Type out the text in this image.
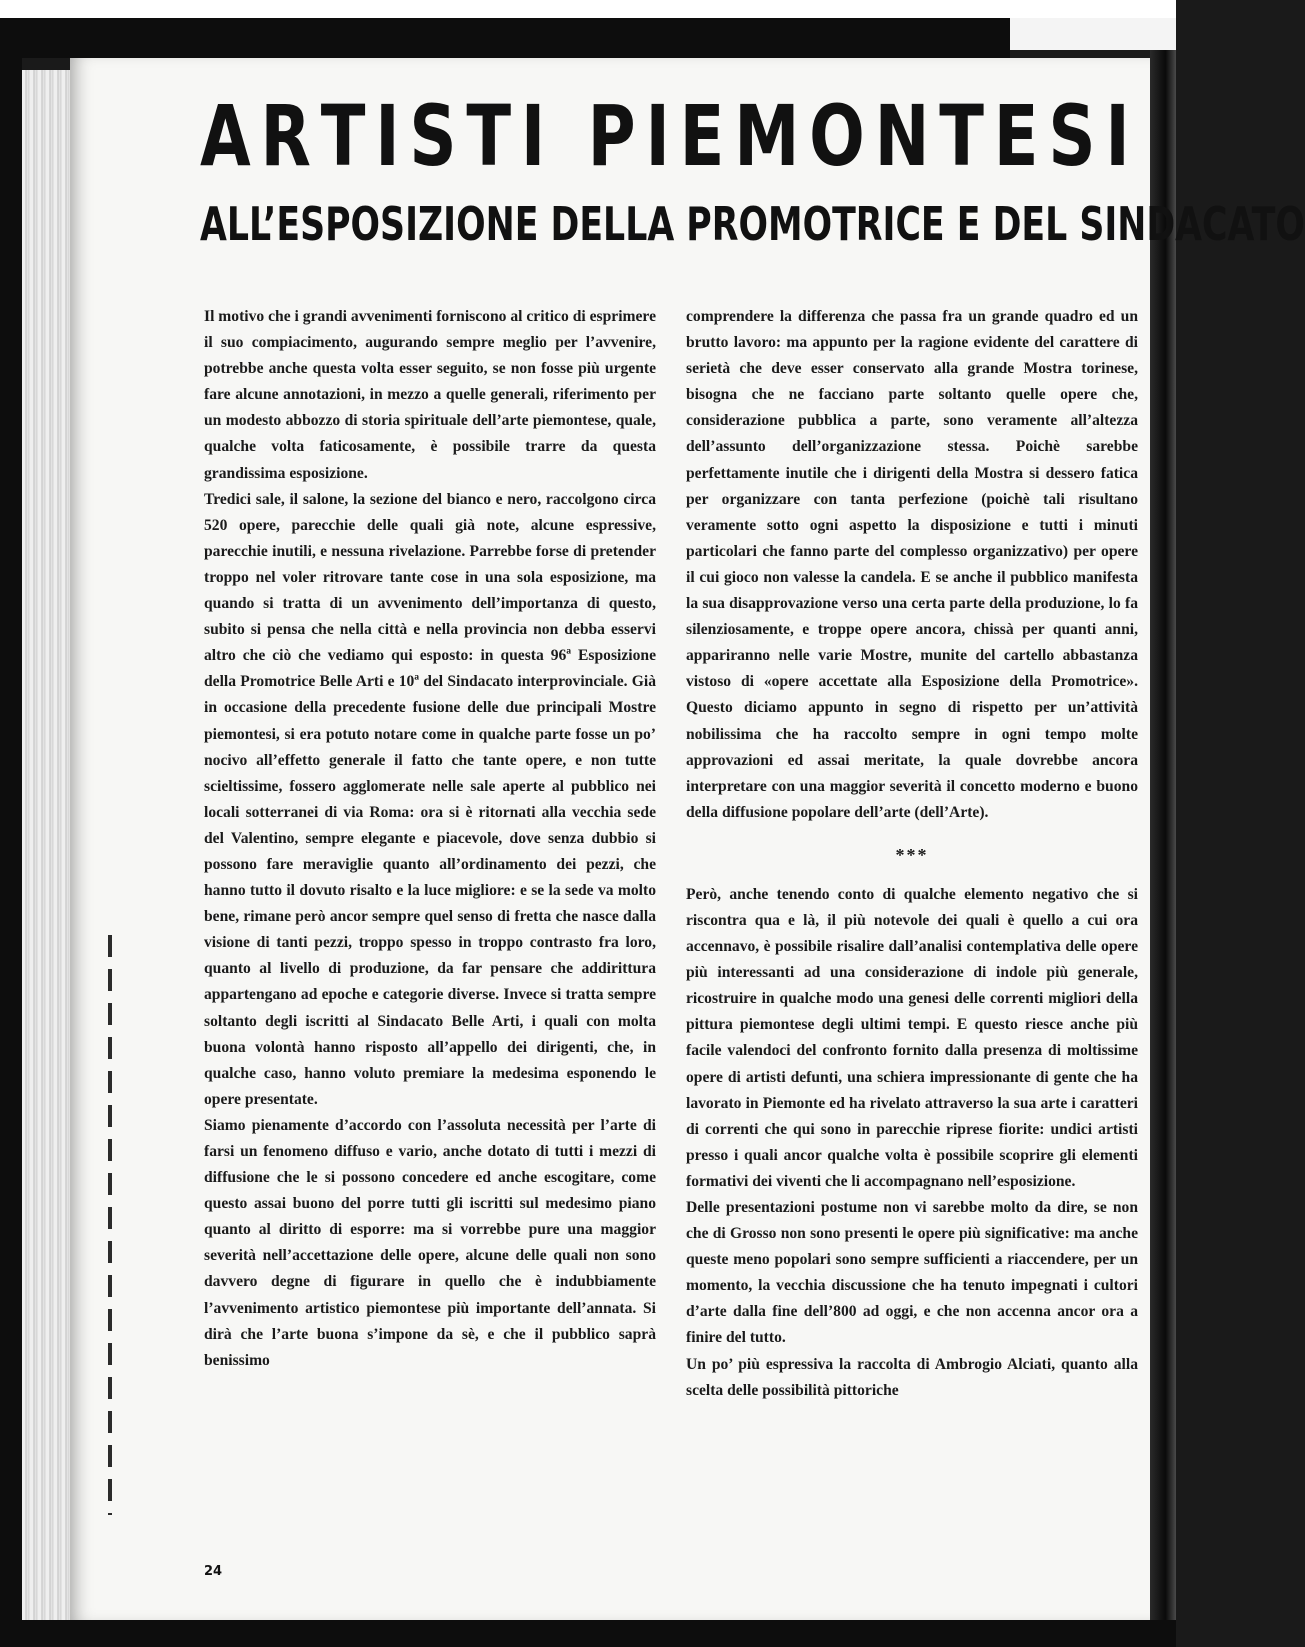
A R T I S T I
P I E M O N T E S I
ALL’ESPOSIZIONE DELLA PROMOTRICE E DEL SINDACATO

Il motivo che i grandi avvenimenti forniscono al critico di esprimere il suo compiacimento, augurando sempre meglio per l’avvenire, potrebbe anche questa volta esser seguito, se non fosse più urgente fare alcune annotazioni, in mezzo a quelle generali, riferimento per un modesto abbozzo di storia spirituale dell’arte piemontese, quale, qualche volta faticosamente, è possibile trarre da questa grandissima esposizione.

Tredici sale, il salone, la sezione del bianco e nero, raccolgono circa 520 opere, parecchie delle quali già note, alcune espressive, parecchie inutili, e nessuna rivelazione. Parrebbe forse di pretender troppo nel voler ritrovare tante cose in una sola esposizione, ma quando si tratta di un avvenimento dell’importanza di questo, subito si pensa che nella città e nella provincia non debba esservi altro che ciò che vediamo qui esposto: in questa 96ª Esposizione della Promotrice Belle Arti e 10ª del Sindacato interprovinciale. Già in occasione della precedente fusione delle due principali Mostre piemontesi, si era potuto notare come in qualche parte fosse un po’ nocivo all’effetto generale il fatto che tante opere, e non tutte scieltissime, fossero agglomerate nelle sale aperte al pubblico nei locali sotterranei di via Roma: ora si è ritornati alla vecchia sede del Valentino, sempre elegante e piacevole, dove senza dubbio si possono fare meraviglie quanto all’ordinamento dei pezzi, che hanno tutto il dovuto risalto e la luce migliore: e se la sede va molto bene, rimane però ancor sempre quel senso di fretta che nasce dalla visione di tanti pezzi, troppo spesso in troppo contrasto fra loro, quanto al livello di produzione, da far pensare che addirittura appartengano ad epoche e categorie diverse. Invece si tratta sempre soltanto degli iscritti al Sindacato Belle Arti, i quali con molta buona volontà hanno risposto all’appello dei dirigenti, che, in qualche caso, hanno voluto premiare la medesima esponendo le opere presentate.

Siamo pienamente d’accordo con l’assoluta necessità per l’arte di farsi un fenomeno diffuso e vario, anche dotato di tutti i mezzi di diffusione che le si possono concedere ed anche escogitare, come questo assai buono del porre tutti gli iscritti sul medesimo piano quanto al diritto di esporre: ma si vorrebbe pure una maggior severità nell’accettazione delle opere, alcune delle quali non sono davvero degne di figurare in quello che è indubbiamente l’avvenimento artistico piemontese più importante dell’annata. Si dirà che l’arte buona s’impone da sè, e che il pubblico saprà benissimo

comprendere la differenza che passa fra un grande quadro ed un brutto lavoro: ma appunto per la ragione evidente del carattere di serietà che deve esser conservato alla grande Mostra torinese, bisogna che ne facciano parte soltanto quelle opere che, considerazione pubblica a parte, sono veramente all’altezza dell’assunto dell’organizzazione stessa. Poichè sarebbe perfettamente inutile che i dirigenti della Mostra si dessero fatica per organizzare con tanta perfezione (poichè tali risultano veramente sotto ogni aspetto la disposizione e tutti i minuti particolari che fanno parte del complesso organizzativo) per opere il cui gioco non valesse la candela. E se anche il pubblico manifesta la sua disapprovazione verso una certa parte della produzione, lo fa silenziosamente, e troppe opere ancora, chissà per quanti anni, appariranno nelle varie Mostre, munite del cartello abbastanza vistoso di «opere accettate alla Esposizione della Promotrice». Questo diciamo appunto in segno di rispetto per un’attività nobilissima che ha raccolto sempre in ogni tempo molte approvazioni ed assai meritate, la quale dovrebbe ancora interpretare con una maggior severità il concetto moderno e buono della diffusione popolare dell’arte (dell’Arte).

***

Però, anche tenendo conto di qualche elemento negativo che si riscontra qua e là, il più notevole dei quali è quello a cui ora accennavo, è possibile risalire dall’analisi contemplativa delle opere più interessanti ad una considerazione di indole più generale, ricostruire in qualche modo una genesi delle correnti migliori della pittura piemontese degli ultimi tempi. E questo riesce anche più facile valendoci del confronto fornito dalla presenza di moltissime opere di artisti defunti, una schiera impressionante di gente che ha lavorato in Piemonte ed ha rivelato attraverso la sua arte i caratteri di correnti che qui sono in parecchie riprese fiorite: undici artisti presso i quali ancor qualche volta è possibile scoprire gli elementi formativi dei viventi che li accompagnano nell’esposizione.

Delle presentazioni postume non vi sarebbe molto da dire, se non che di Grosso non sono presenti le opere più significative: ma anche queste meno popolari sono sempre sufficienti a riaccendere, per un momento, la vecchia discussione che ha tenuto impegnati i cultori d’arte dalla fine dell’800 ad oggi, e che non accenna ancor ora a finire del tutto.

Un po’ più espressiva la raccolta di Ambrogio Alciati, quanto alla scelta delle possibilità pittoriche

24
